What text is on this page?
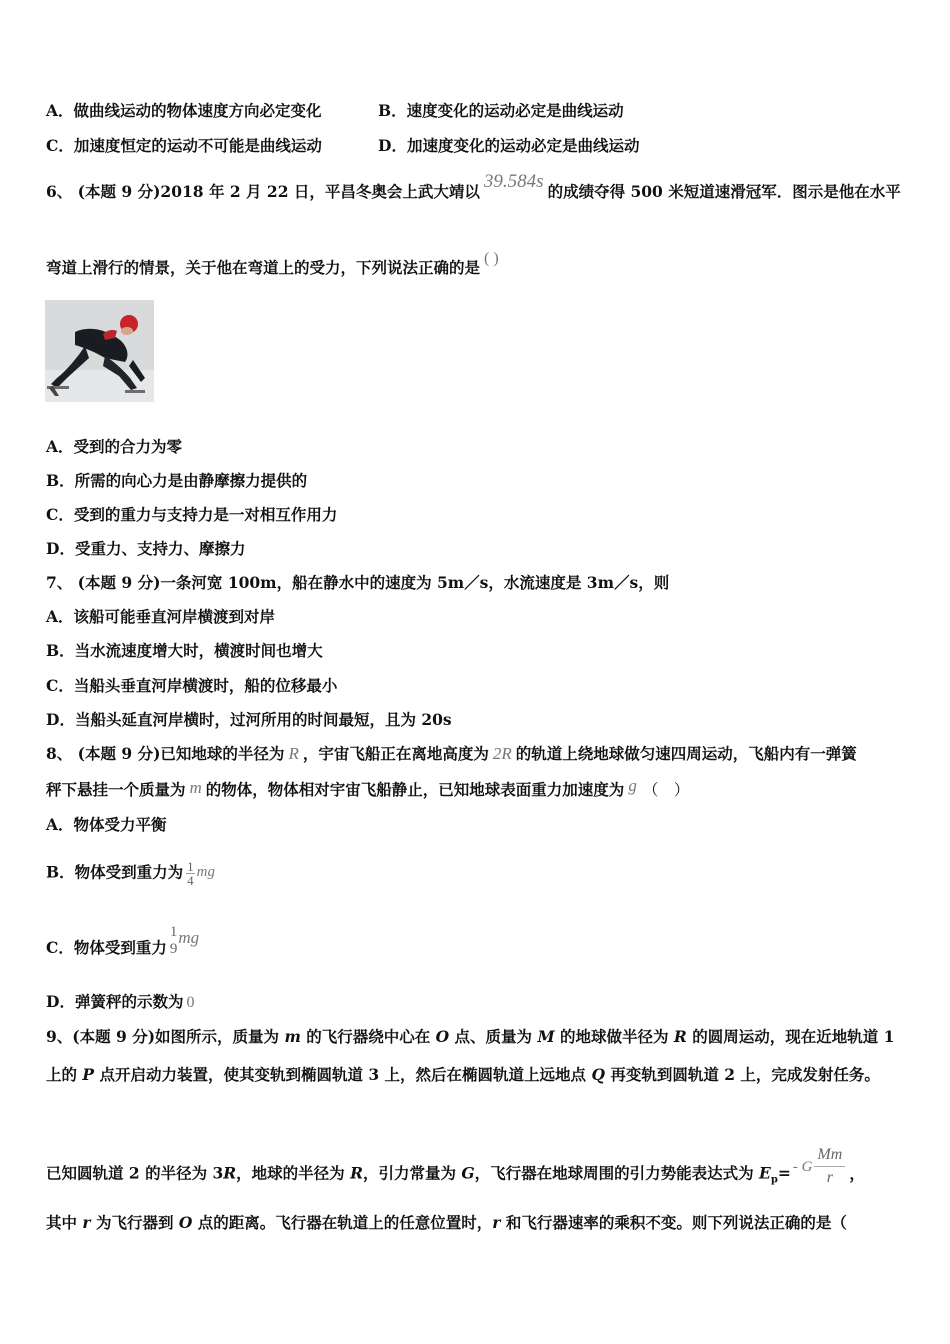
A．做曲线运动的物体速度方向必定变化	B．速度变化的运动必定是曲线运动
C．加速度恒定的运动不可能是曲线运动	D．加速度变化的运动必定是曲线运动
6、 (本题 9 分)2018 年 2 月 22 日，平昌冬奥会上武大靖以 39.584s 的成绩夺得 500 米短道速滑冠军．图示是他在水平
弯道上滑行的情景，关于他在弯道上的受力，下列说法正确的是 ( )
A．受到的合力为零
B．所需的向心力是由静摩擦力提供的
C．受到的重力与支持力是一对相互作用力
D．受重力、支持力、摩擦力
7、 (本题 9 分)一条河宽 100m，船在静水中的速度为 5m／s，水流速度是 3m／s，则
A．该船可能垂直河岸横渡到对岸
B．当水流速度增大时，横渡时间也增大
C．当船头垂直河岸横渡时，船的位移最小
D．当船头延直河岸横时，过河所用的时间最短，且为 20s
8、 (本题 9 分)已知地球的半径为 R ，宇宙飞船正在离地高度为 2R 的轨道上绕地球做匀速四周运动，飞船内有一弹簧
秤下悬挂一个质量为 m 的物体，物体相对宇宙飞船静止，已知地球表面重力加速度为 g （　）
A．物体受力平衡
B．物体受到重力为 $\frac{1}{4}$ mg
C．物体受到重力
1
9
mg
D．弹簧秤的示数为 0
9、(本题 9 分)如图所示，质量为 m 的飞行器绕中心在 O 点、质量为 M 的地球做半径为 R 的圆周运动，现在近地轨道 1
上的 P 点开启动力装置，使其变轨到椭圆轨道 3 上，然后在椭圆轨道上远地点 Q 再变轨到圆轨道 2 上，完成发射任务。
已知圆轨道 2 的半径为 3R，地球的半径为 R，引力常量为 G，飞行器在地球周围的引力势能表达式为 $E_p= - G \frac{Mm}{r}$ ，
其中 r 为飞行器到 O 点的距离。飞行器在轨道上的任意位置时，r 和飞行器速率的乘积不变。则下列说法正确的是（
